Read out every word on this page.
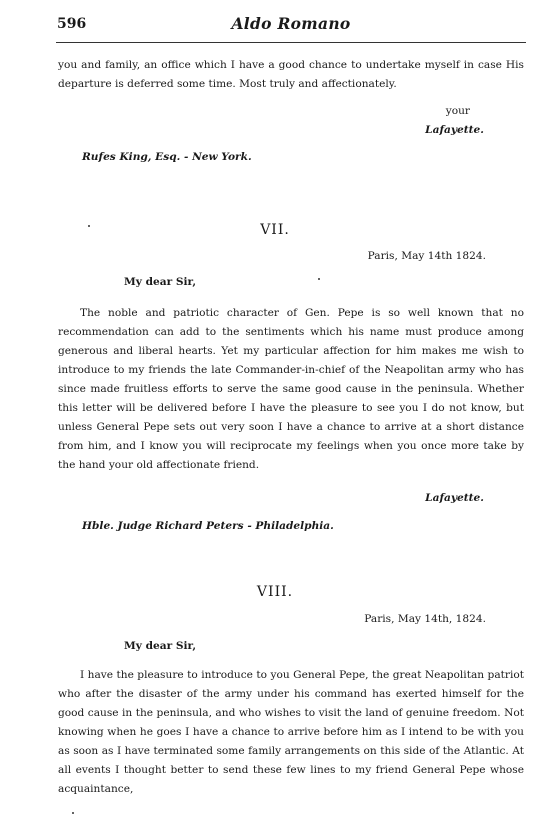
596	Aldo Romano

you and family, an office which I have a good chance to undertake myself in case His departure is deferred some time. Most truly and affectionately.

your
Lafayette.
Rufes King, Esq. - New York.
VII.
Paris, May 14th 1824.
My dear Sir,

The noble and patriotic character of Gen. Pepe is so well known that no recommendation can add to the sentiments which his name must produce among generous and liberal hearts. Yet my particular affection for him makes me wish to introduce to my friends the late Commander-in-chief of the Neapolitan army who has since made fruitless efforts to serve the same good cause in the peninsula. Whether this letter will be delivered before I have the pleasure to see you I do not know, but unless General Pepe sets out very soon I have a chance to arrive at a short distance from him, and I know you will reciprocate my feelings when you once more take by the hand your old affectionate friend.

Lafayette.
Hble. Judge Richard Peters - Philadelphia.
VIII.
Paris, May 14th, 1824.
My dear Sir,

I have the pleasure to introduce to you General Pepe, the great Neapolitan patriot who after the disaster of the army under his command has exerted himself for the good cause in the peninsula, and who wishes to visit the land of genuine freedom. Not knowing when he goes I have a chance to arrive before him as I intend to be with you as soon as I have terminated some family arrangements on this side of the Atlantic. At all events I thought better to send these few lines to my friend General Pepe whose acquaintance,
